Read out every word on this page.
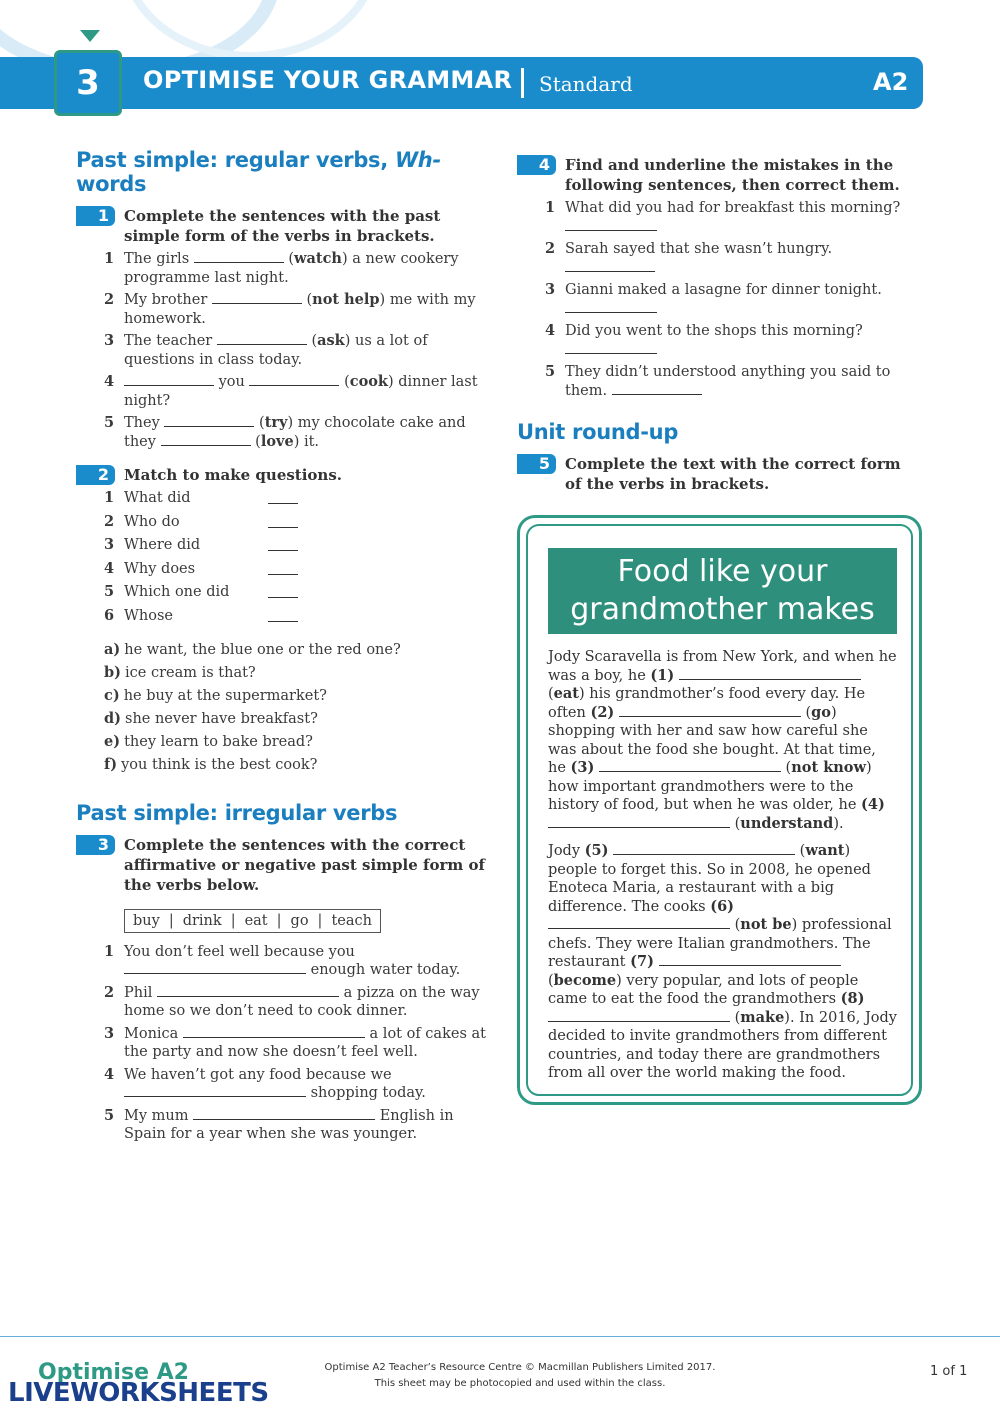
3	OPTIMISE YOUR GRAMMAR Standard	A2
Past simple: regular verbs, Wh- words
1	Complete the sentences with the past simple form of the verbs in brackets.
1 The girls	(watch) a new cookery programme last night.
2 My brother	(not help) me with my homework.
3 The teacher	(ask) us a lot of questions in class today.
4	you	(cook) dinner last night?
5 They	(try) my chocolate cake and they	(love) it.
2	Match to make questions.
1 What did
2 Who do
3 Where did
4 Why does
5 Which one did
6 Whose
a) he want, the blue one or the red one?
b) ice cream is that?
c) he buy at the supermarket?
d) she never have breakfast?
e) they learn to bake bread?
f) you think is the best cook?
Past simple: irregular verbs
3	Complete the sentences with the correct affirmative or negative past simple form of the verbs below.
buy | drink | eat | go | teach
1 You don’t feel well because you  enough water today.
2 Phil	a pizza on the way home so we don’t need to cook dinner.
3 Monica	a lot of cakes at the party and now she doesn’t feel well.
4 We haven’t got any food because we  shopping today.
5 My mum	English in Spain for a year when she was younger.
4	Find and underline the mistakes in the following sentences, then correct them.
1 What did you had for breakfast this morning?

2 Sarah sayed that she wasn’t hungry.
3 Gianni maked a lasagne for dinner tonight.

4 Did you went to the shops this morning?

5 They didn’t understood anything you said to them.
Unit round-up
5	Complete the text with the correct form of the verbs in brackets.
Food like your
grandmother makes

Jody Scaravella is from New York, and when he was a boy, he (1)  (eat) his grandmother’s food every day. He often (2)	(go) shopping with her and saw how careful she was about the food she bought. At that time, he (3)	(not know) how important grandmothers were to the history of food, but when he was older, he (4)  (understand).

Jody (5)	(want) people to forget this. So in 2008, he opened Enoteca Maria, a restaurant with a big difference. The cooks (6)  (not be) professional chefs. They were Italian grandmothers. The restaurant (7)  (become) very popular, and lots of people came to eat the food the grandmothers (8)  (make). In 2016, Jody decided to invite grandmothers from different countries, and today there are grandmothers from all over the world making the food.

Optimise A2
LIVEWORKSHEETS
Optimise A2 Teacher’s Resource Centre © Macmillan Publishers Limited 2017.
This sheet may be photocopied and used within the class.
1 of 1
